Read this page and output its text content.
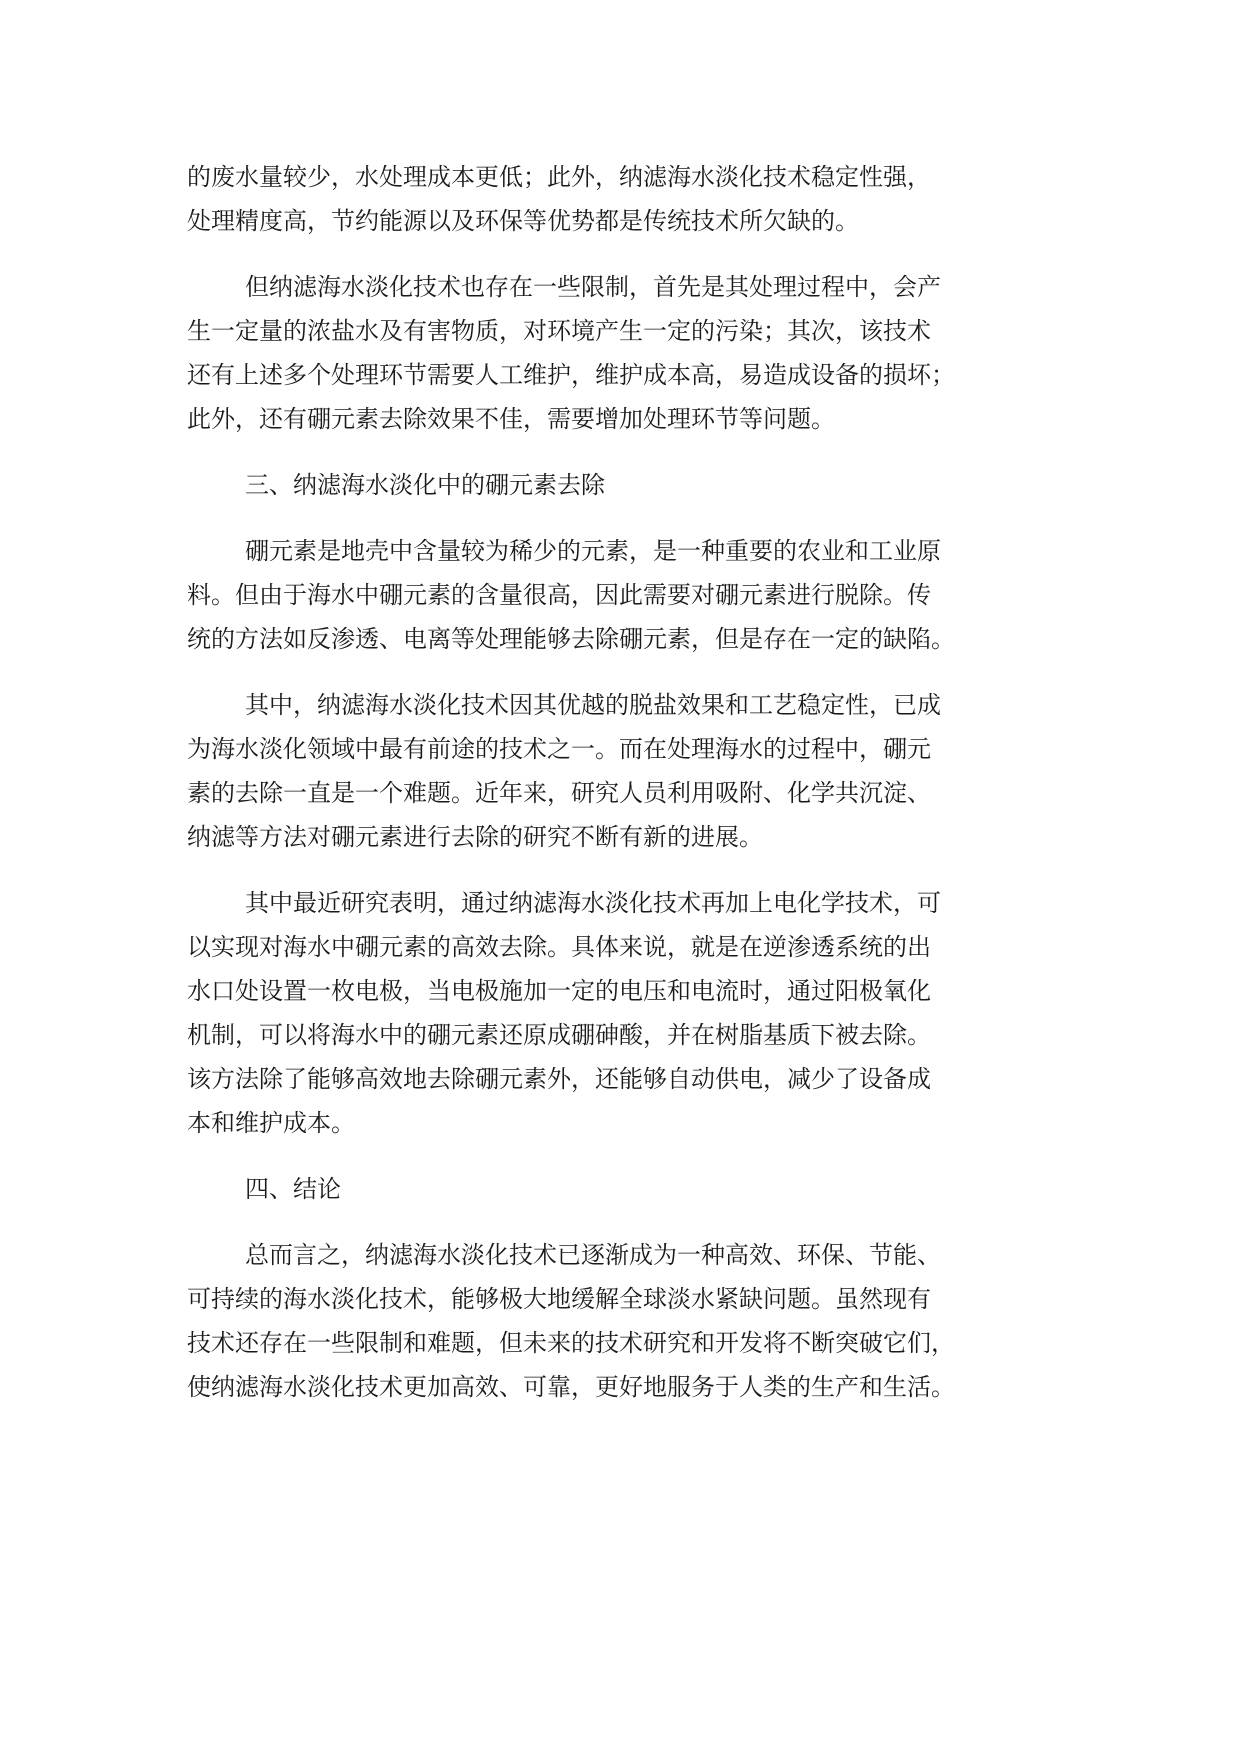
的废水量较少，水处理成本更低；此外，纳滤海水淡化技术稳定性强，
处理精度高，节约能源以及环保等优势都是传统技术所欠缺的。

但纳滤海水淡化技术也存在一些限制，首先是其处理过程中，会产
生一定量的浓盐水及有害物质，对环境产生一定的污染；其次，该技术
还有上述多个处理环节需要人工维护，维护成本高，易造成设备的损坏；
此外，还有硼元素去除效果不佳，需要增加处理环节等问题。

三、纳滤海水淡化中的硼元素去除

硼元素是地壳中含量较为稀少的元素，是一种重要的农业和工业原
料。但由于海水中硼元素的含量很高，因此需要对硼元素进行脱除。传
统的方法如反渗透、电离等处理能够去除硼元素，但是存在一定的缺陷。

其中，纳滤海水淡化技术因其优越的脱盐效果和工艺稳定性，已成
为海水淡化领域中最有前途的技术之一。而在处理海水的过程中，硼元
素的去除一直是一个难题。近年来，研究人员利用吸附、化学共沉淀、
纳滤等方法对硼元素进行去除的研究不断有新的进展。

其中最近研究表明，通过纳滤海水淡化技术再加上电化学技术，可
以实现对海水中硼元素的高效去除。具体来说，就是在逆渗透系统的出
水口处设置一枚电极，当电极施加一定的电压和电流时，通过阳极氧化
机制，可以将海水中的硼元素还原成硼砷酸，并在树脂基质下被去除。
该方法除了能够高效地去除硼元素外，还能够自动供电，减少了设备成
本和维护成本。

四、结论

总而言之，纳滤海水淡化技术已逐渐成为一种高效、环保、节能、
可持续的海水淡化技术，能够极大地缓解全球淡水紧缺问题。虽然现有
技术还存在一些限制和难题，但未来的技术研究和开发将不断突破它们，
使纳滤海水淡化技术更加高效、可靠，更好地服务于人类的生产和生活。
